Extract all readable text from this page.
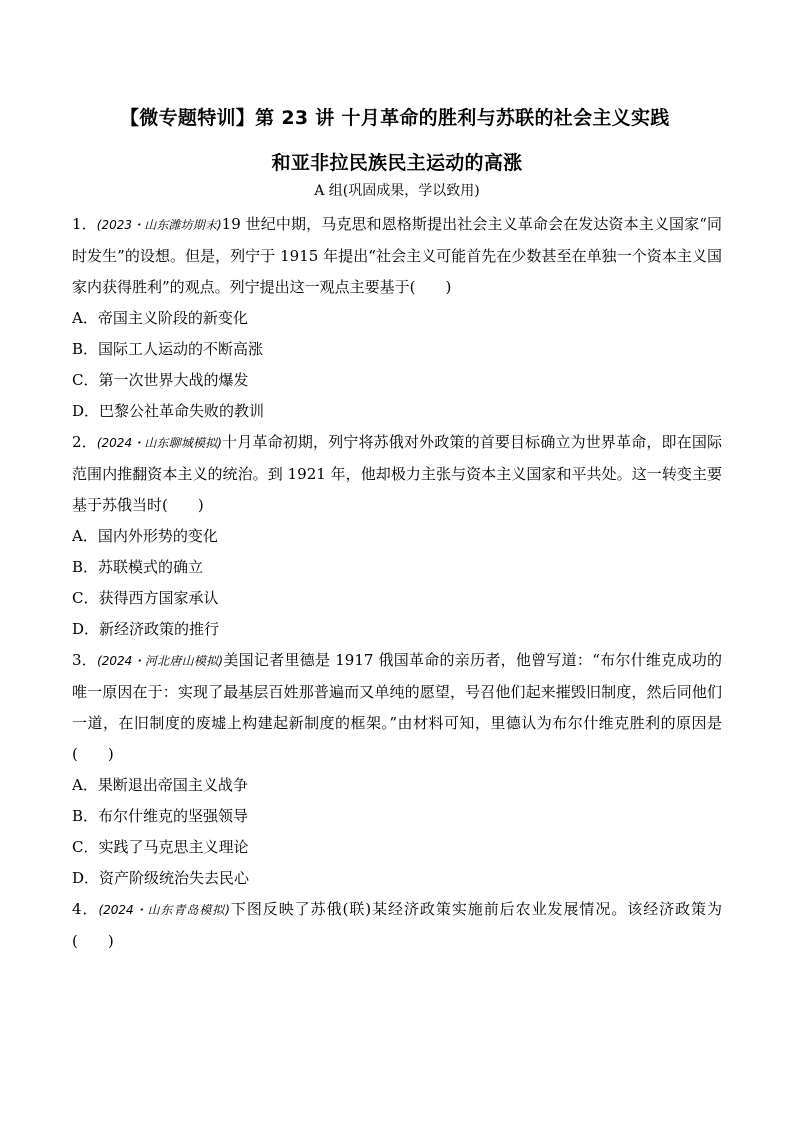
【微专题特训】第 23 讲 十月革命的胜利与苏联的社会主义实践
和亚非拉民族民主运动的高涨
A 组(巩固成果，学以致用)
1．(2023・山东潍坊期末)19 世纪中期，马克思和恩格斯提出社会主义革命会在发达资本主义国家“同时发生”的设想。但是，列宁于 1915 年提出“社会主义可能首先在少数甚至在单独一个资本主义国家内获得胜利”的观点。列宁提出这一观点主要基于(　　)
A．帝国主义阶段的新变化
B．国际工人运动的不断高涨
C．第一次世界大战的爆发
D．巴黎公社革命失败的教训
2．(2024・山东聊城模拟)十月革命初期，列宁将苏俄对外政策的首要目标确立为世界革命，即在国际范围内推翻资本主义的统治。到 1921 年，他却极力主张与资本主义国家和平共处。这一转变主要基于苏俄当时(　　)
A．国内外形势的变化
B．苏联模式的确立
C．获得西方国家承认
D．新经济政策的推行
3．(2024・河北唐山模拟)美国记者里德是 1917 俄国革命的亲历者，他曾写道：“布尔什维克成功的唯一原因在于：实现了最基层百姓那普遍而又单纯的愿望，号召他们起来摧毁旧制度，然后同他们一道，在旧制度的废墟上构建起新制度的框架。”由材料可知，里德认为布尔什维克胜利的原因是(　　)
A．果断退出帝国主义战争
B．布尔什维克的坚强领导
C．实践了马克思主义理论
D．资产阶级统治失去民心
4．(2024・山东青岛模拟)下图反映了苏俄(联)某经济政策实施前后农业发展情况。该经济政策为(　　)
